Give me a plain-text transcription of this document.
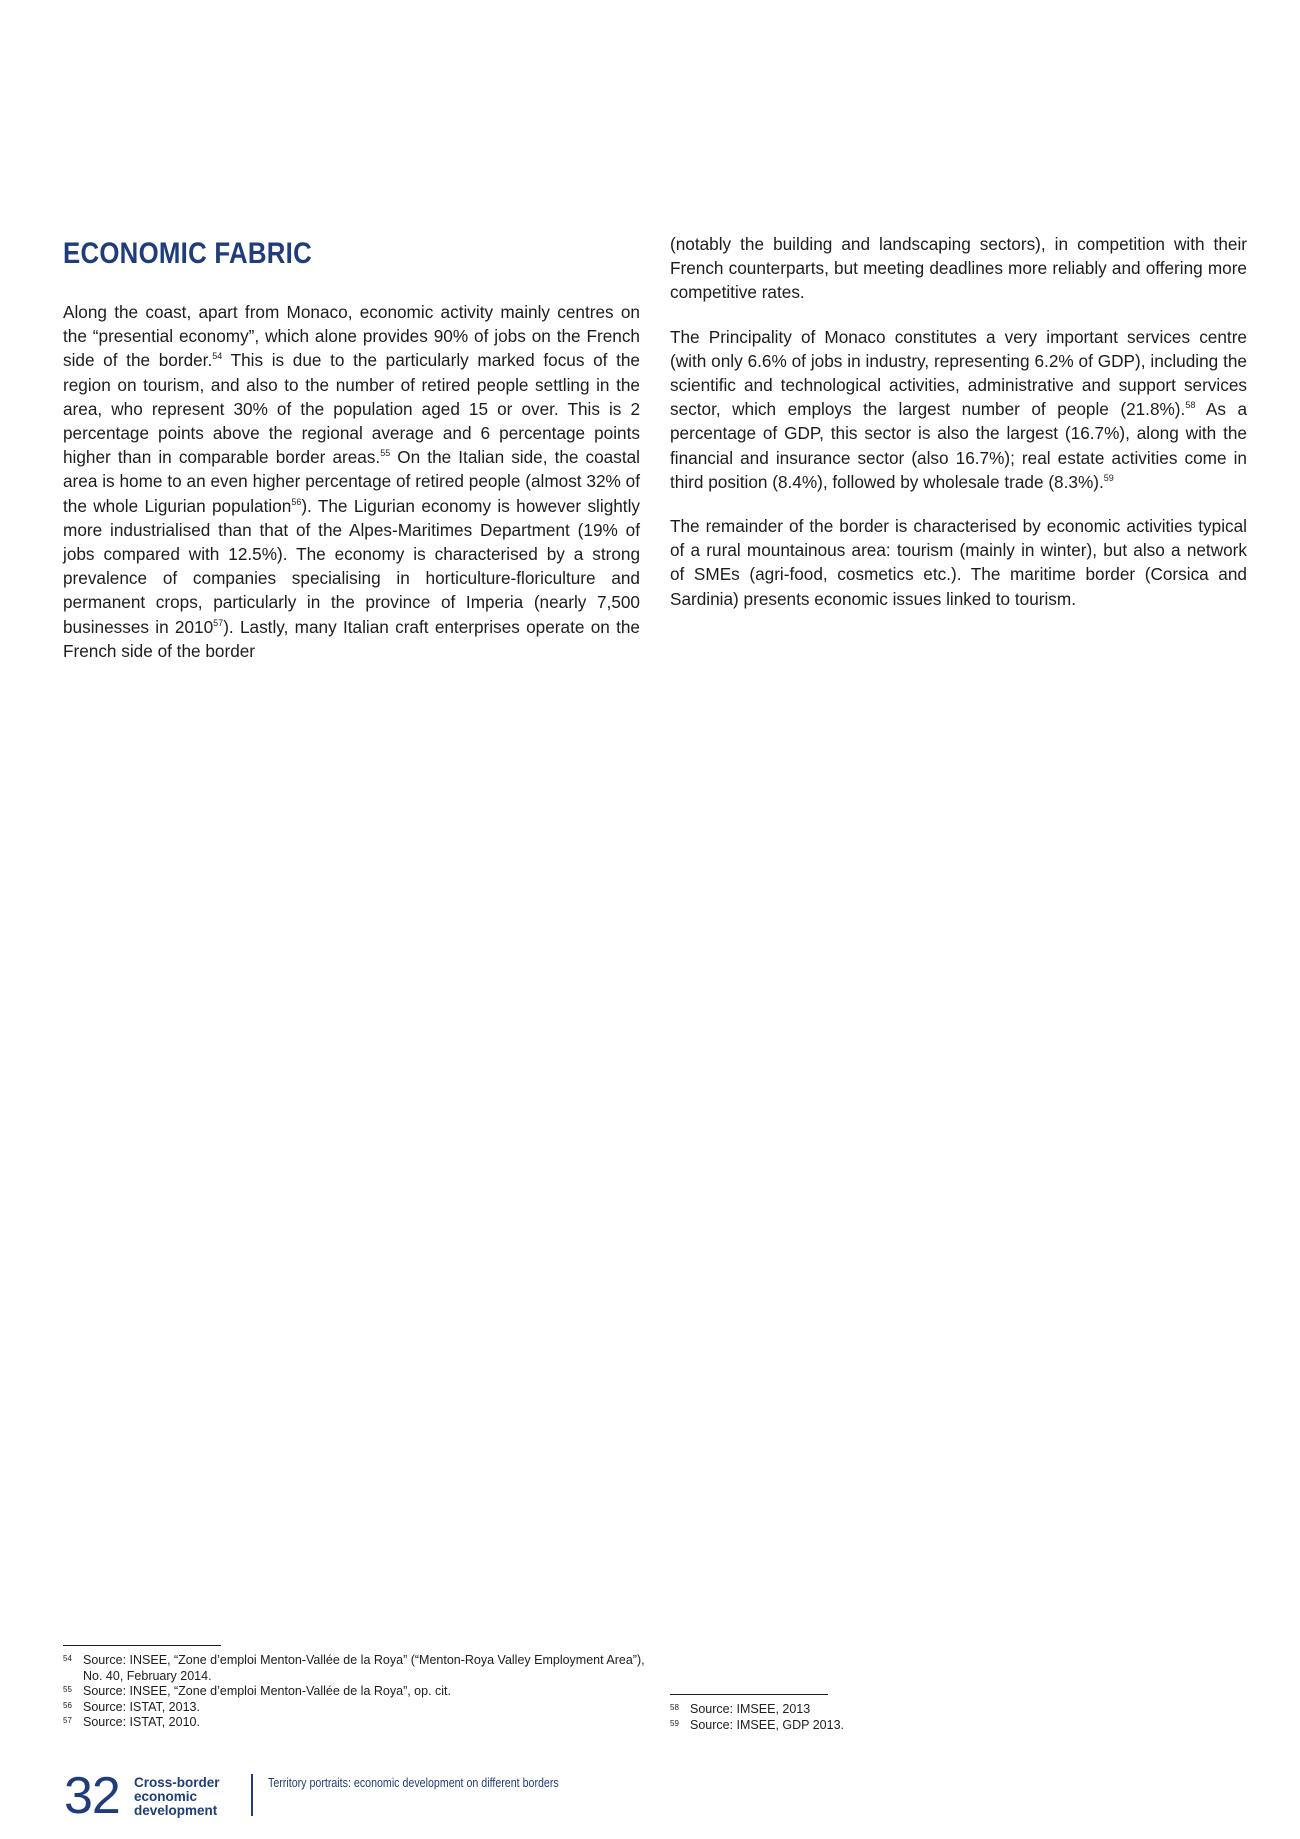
ECONOMIC FABRIC

Along the coast, apart from Monaco, economic activity mainly centres on the “presential economy”, which alone provides 90% of jobs on the French side of the border.$^{54}$ This is due to the particularly marked focus of the region on tourism, and also to the number of retired people settling in the area, who represent 30% of the population aged 15 or over. This is 2 percentage points above the regional average and 6 percentage points higher than in comparable border areas.$^{55}$ On the Italian side, the coastal area is home to an even higher percentage of retired people (almost 32% of the whole Ligurian population$^{56}$). The Ligurian economy is however slightly more industrialised than that of the Alpes-Maritimes Department (19% of jobs compared with 12.5%). The economy is characterised by a strong prevalence of companies specialising in horticulture-floriculture and permanent crops, particularly in the province of Imperia (nearly 7,500 businesses in 2010$^{57}$). Lastly, many Italian craft enterprises operate on the French side of the border

(notably the building and landscaping sectors), in competition with their French counterparts, but meeting deadlines more reliably and offering more competitive rates.

The Principality of Monaco constitutes a very important services centre (with only 6.6% of jobs in industry, representing 6.2% of GDP), including the scientific and technological activities, administrative and support services sector, which employs the largest number of people (21.8%).$^{58}$ As a percentage of GDP, this sector is also the largest (16.7%), along with the financial and insurance sector (also 16.7%); real estate activities come in third position (8.4%), followed by wholesale trade (8.3%).$^{59}$

The remainder of the border is characterised by economic activities typical of a rural mountainous area: tourism (mainly in winter), but also a network of SMEs (agri-food, cosmetics etc.). The maritime border (Corsica and Sardinia) presents economic issues linked to tourism.

54 Source: INSEE, “Zone d’emploi Menton-Vallée de la Roya” (“Menton-Roya Valley Employment Area”), No. 40, February 2014.

55 Source: INSEE, “Zone d’emploi Menton-Vallée de la Roya”, op. cit.

56 Source: ISTAT, 2013.

57 Source: ISTAT, 2010.

58 Source: IMSEE, 2013

59 Source: IMSEE, GDP 2013.

32 Cross-border
economic
development
Territory portraits: economic development on different borders
